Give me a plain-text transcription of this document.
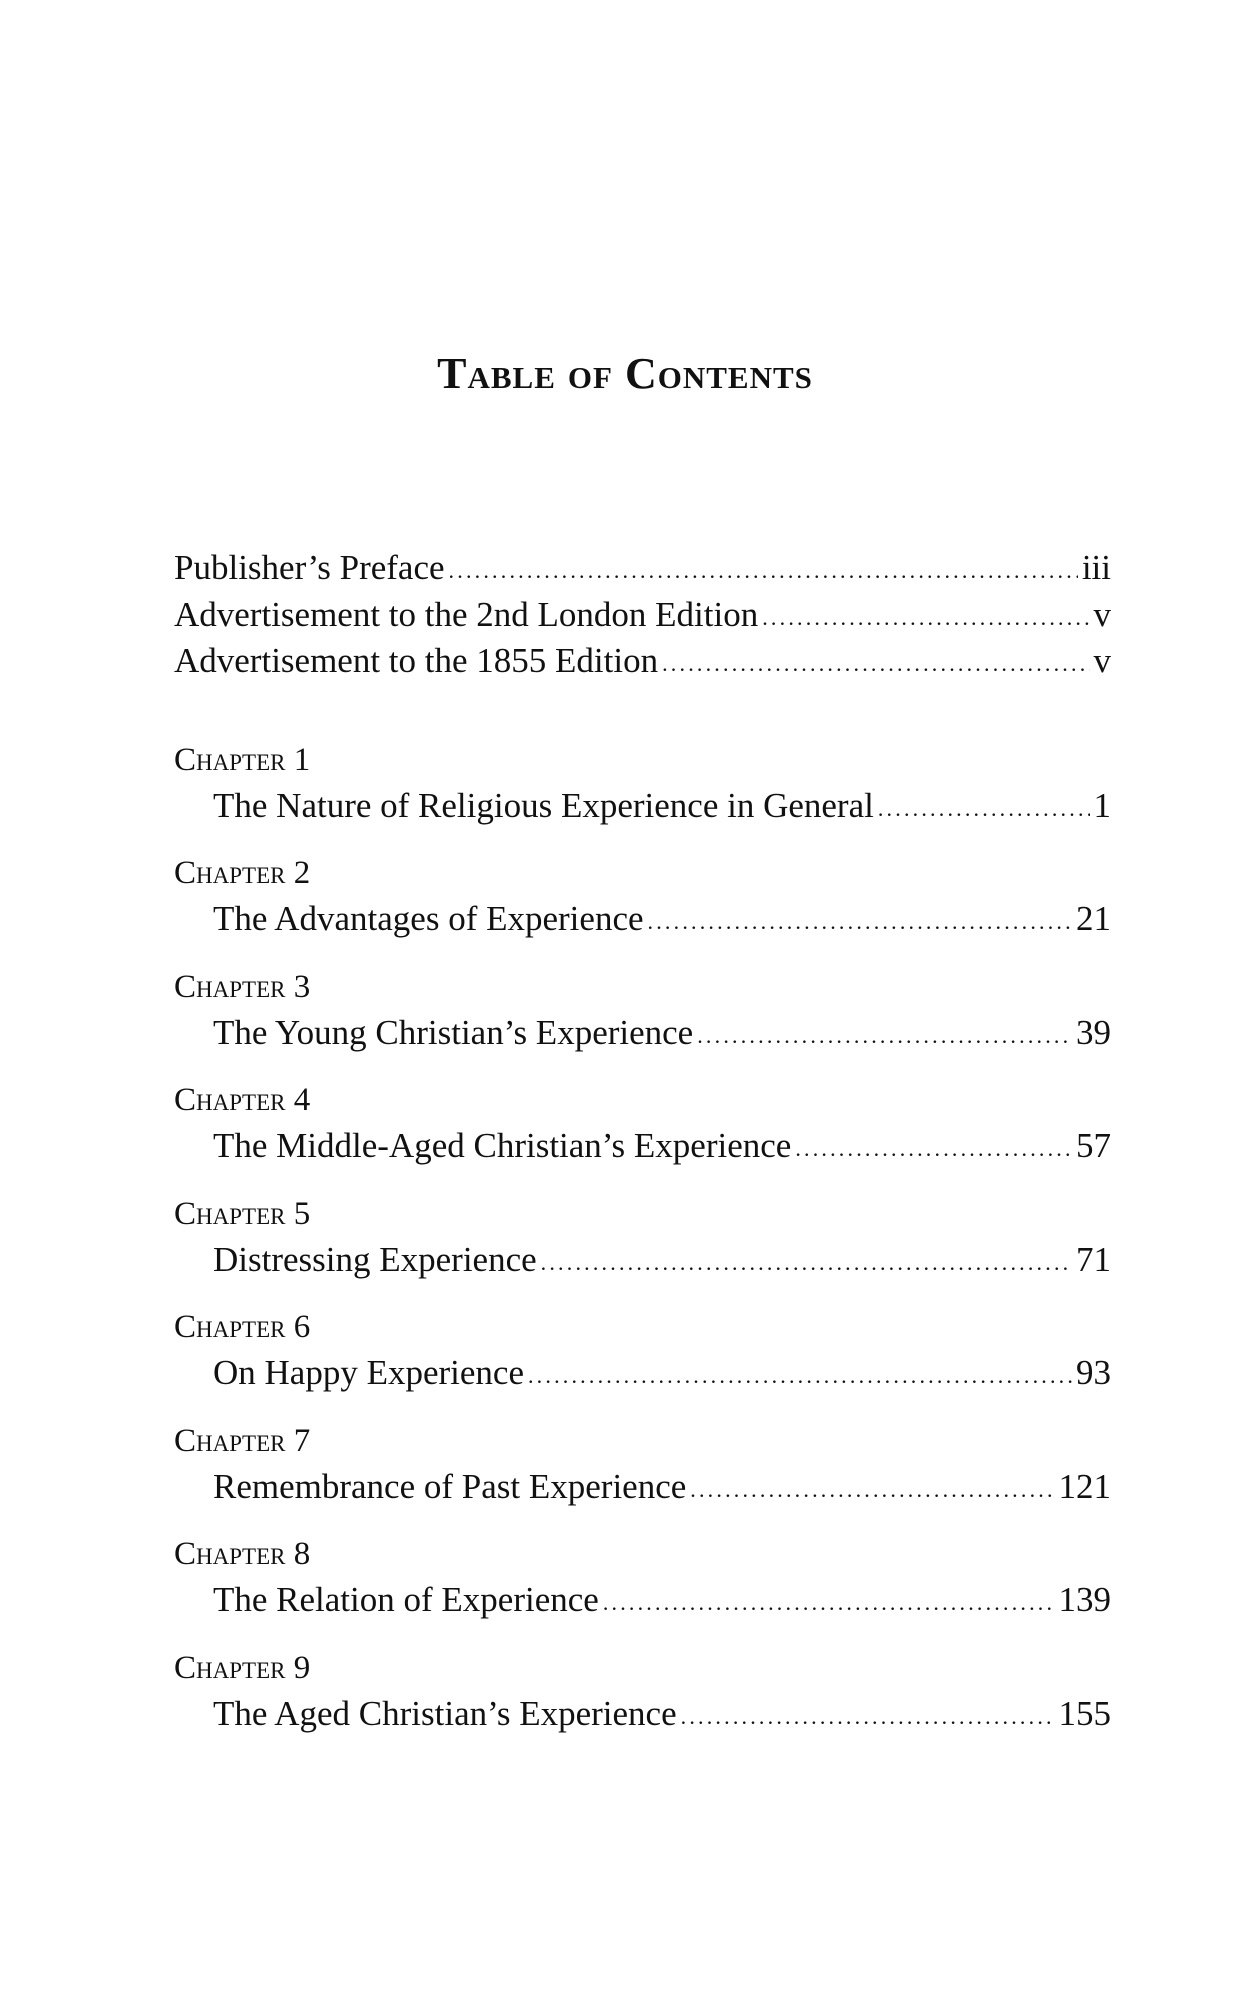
Table of Contents
Publisher’s Preface .....	iii
Advertisement to the 2nd London Edition .....	v
Advertisement to the 1855 Edition .....	v
Chapter 1
The Nature of Religious Experience in General .....	1
Chapter 2
The Advantages of Experience .....	21
Chapter 3
The Young Christian’s Experience .....	39
Chapter 4
The Middle-Aged Christian’s Experience .....	57
Chapter 5
Distressing Experience .....	71
Chapter 6
On Happy Experience .....	93
Chapter 7
Remembrance of Past Experience .....	121
Chapter 8
The Relation of Experience .....	139
Chapter 9
The Aged Christian’s Experience .....	155
